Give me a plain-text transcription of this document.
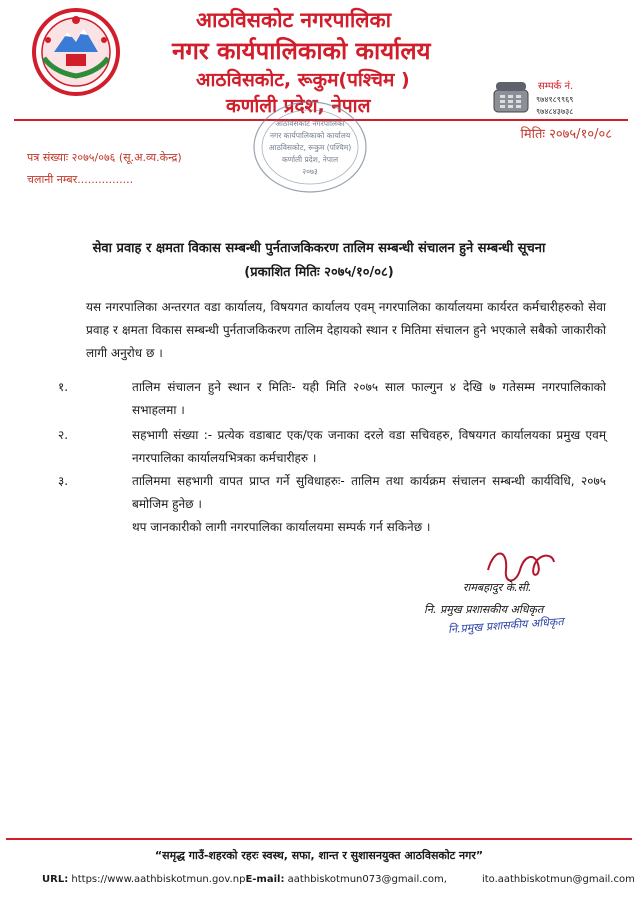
आठविसकोट नगरपालिका
नगर कार्यपालिकाको कार्यालय
आठविसकोट, रूकुम(पश्चिम )
कर्णाली प्रदेश, नेपाल
सम्पर्क नं.
९७४१८९९६९
९७४८४३७३८
आठविसकोट नगरपालिका
नगर कार्यपालिकाको कार्यालय
आठविसकोट, रूकुम (पश्चिम)
कर्णाली प्रदेश, नेपाल
२०७३
मितिः २०७५/१०/०८
पत्र संख्याः २०७५/०७६ (सू.अ.व्य.केन्द्र)
चलानी नम्बर................
सेवा प्रवाह र क्षमता विकास सम्बन्धी पुर्नताजकिकरण तालिम सम्बन्धी संचालन हुने सम्बन्धी सूचना
(प्रकाशित मितिः २०७५/१०/०८)
यस नगरपालिका अन्तरगत वडा कार्यालय, विषयगत कार्यालय एवम् नगरपालिका कार्यालयमा कार्यरत कर्मचारीहरुको सेवा प्रवाह र क्षमता विकास सम्बन्धी पुर्नताजकिकरण तालिम देहायको स्थान र मितिमा संचालन हुने भएकाले सबैको जाकारीको लागी अनुरोध छ ।
१.	तालिम संचालन हुने स्थान र मितिः- यही मिति २०७५ साल फाल्गुन ४ देखि ७ गतेसम्म नगरपालिकाको सभाहलमा ।
२.	सहभागी संख्या :- प्रत्येक वडाबाट एक/एक जनाका दरले वडा सचिवहरु, विषयगत कार्यालयका प्रमुख एवम् नगरपालिका कार्यालयभित्रका कर्मचारीहरु ।
३.	तालिममा सहभागी वापत प्राप्त गर्ने सुविधाहरुः- तालिम तथा कार्यक्रम संचालन सम्बन्धी कार्यविधि, २०७५ बमोजिम हुनेछ ।
थप जानकारीको लागी नगरपालिका कार्यालयमा सम्पर्क गर्न सकिनेछ ।
रामबहादुर के.सी.
नि. प्रमुख प्रशासकीय अधिकृत
नि.प्रमुख प्रशासकीय अधिकृत
“समृद्ध गाउँ-शहरको रहरः स्वस्थ, सफा, शान्त र सुशासनयुक्त आठविसकोट नगर”
URL: https://www.aathbiskotmun.gov.npE-mail: aathbiskotmun073@gmail.com,	ito.aathbiskotmun@gmail.com
